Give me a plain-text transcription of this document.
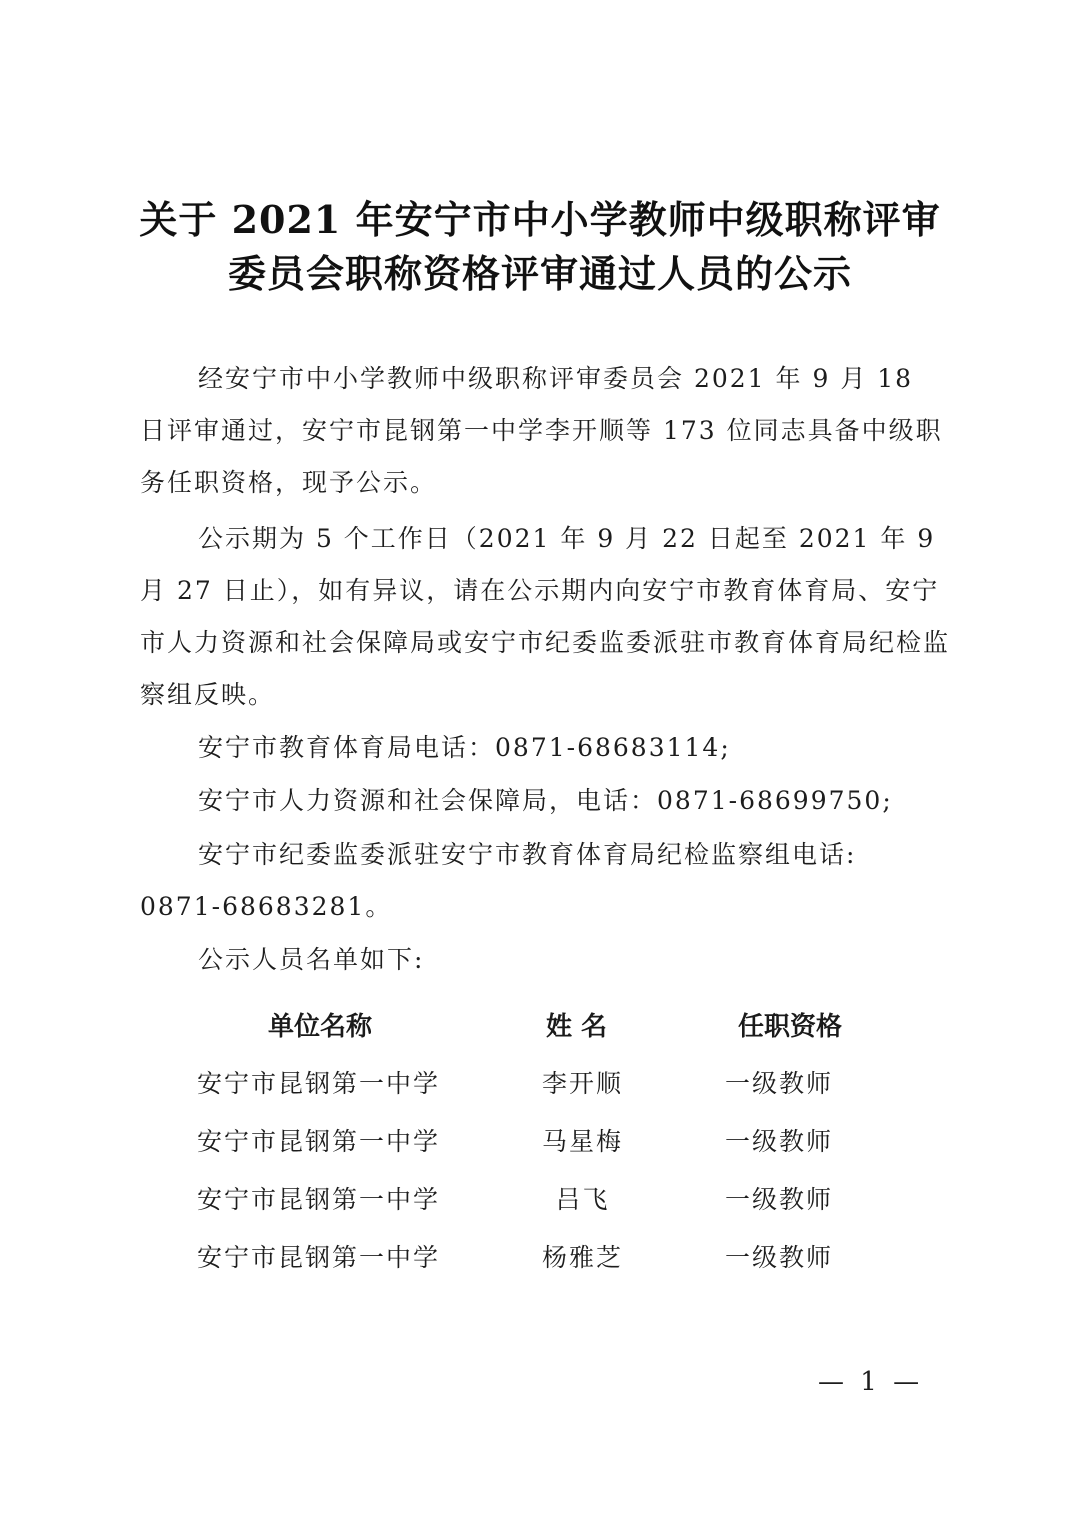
关于 2021 年安宁市中小学教师中级职称评审
委员会职称资格评审通过人员的公示

经安宁市中小学教师中级职称评审委员会 2021 年 9 月 18 日评审通过，安宁市昆钢第一中学李开顺等 173 位同志具备中级职务任职资格，现予公示。

公示期为 5 个工作日（2021 年 9 月 22 日起至 2021 年 9 月 27 日止），如有异议，请在公示期内向安宁市教育体育局、安宁市人力资源和社会保障局或安宁市纪委监委派驻市教育体育局纪检监察组反映。

安宁市教育体育局电话：0871-68683114;
安宁市人力资源和社会保障局，电话：0871-68699750;
安宁市纪委监委派驻安宁市教育体育局纪检监察组电话:
0871-68683281。
公示人员名单如下:
单位名称	姓 名	任职资格
安宁市昆钢第一中学	李开顺	一级教师
安宁市昆钢第一中学	马星梅	一级教师
安宁市昆钢第一中学	吕飞	一级教师
安宁市昆钢第一中学	杨雅芝	一级教师
— 1 —
